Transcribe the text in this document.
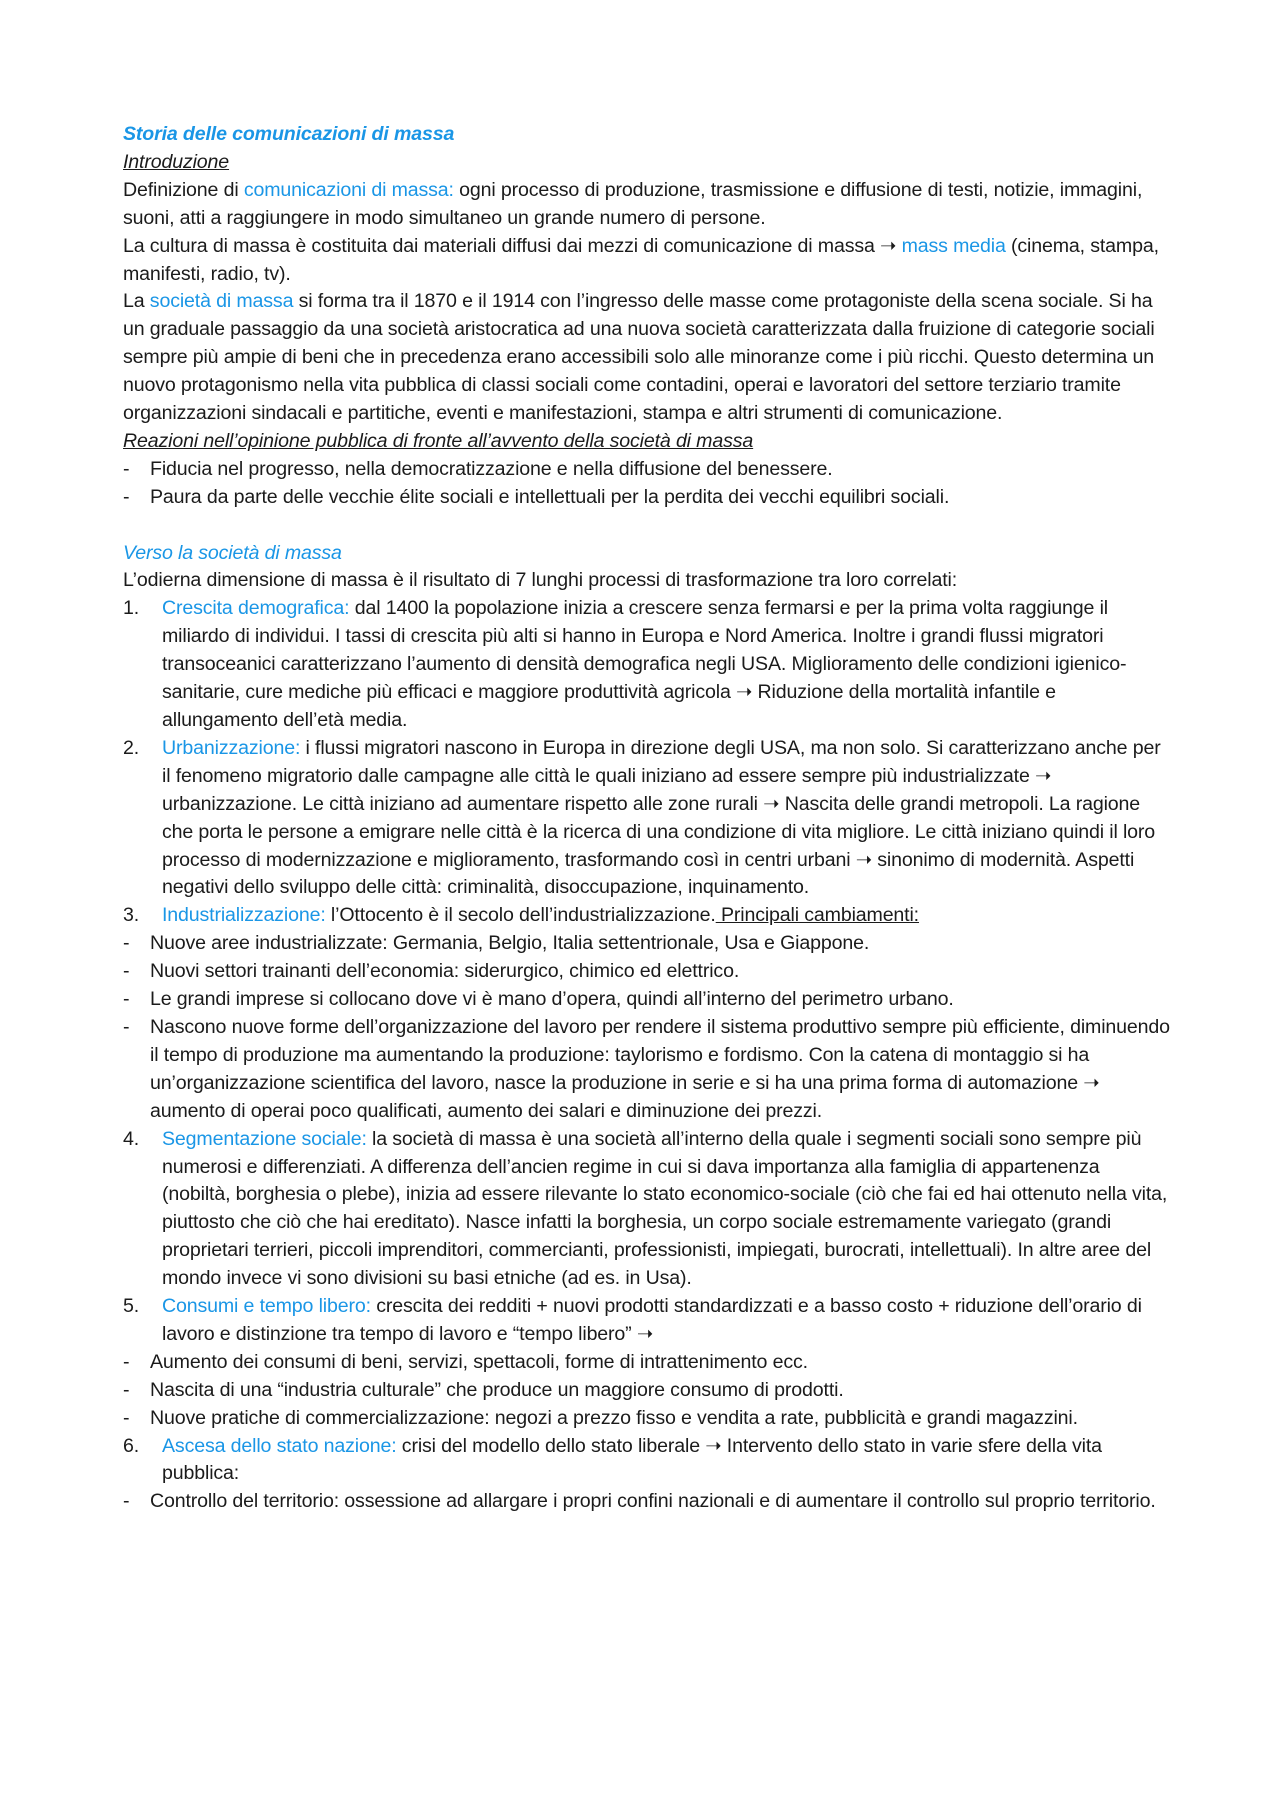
Storia delle comunicazioni di massa

Introduzione

Definizione di comunicazioni di massa: ogni processo di produzione, trasmissione e diffusione di testi, notizie, immagini, suoni, atti a raggiungere in modo simultaneo un grande numero di persone.

La cultura di massa è costituita dai materiali diffusi dai mezzi di comunicazione di massa ➝ mass media (cinema, stampa, manifesti, radio, tv).

La società di massa si forma tra il 1870 e il 1914 con l’ingresso delle masse come protagoniste della scena sociale. Si ha un graduale passaggio da una società aristocratica ad una nuova società caratterizzata dalla fruizione di categorie sociali sempre più ampie di beni che in precedenza erano accessibili solo alle minoranze come i più ricchi. Questo determina un nuovo protagonismo nella vita pubblica di classi sociali come contadini, operai e lavoratori del settore terziario tramite organizzazioni sindacali e partitiche, eventi e manifestazioni, stampa e altri strumenti di comunicazione.

Reazioni nell’opinione pubblica di fronte all’avvento della società di massa

- Fiducia nel progresso, nella democratizzazione e nella diffusione del benessere.
- Paura da parte delle vecchie élite sociali e intellettuali per la perdita dei vecchi equilibri sociali.

Verso la società di massa

L’odierna dimensione di massa è il risultato di 7 lunghi processi di trasformazione tra loro correlati:

1. Crescita demografica: dal 1400 la popolazione inizia a crescere senza fermarsi e per la prima volta raggiunge il miliardo di individui. I tassi di crescita più alti si hanno in Europa e Nord America. Inoltre i grandi flussi migratori transoceanici caratterizzano l’aumento di densità demografica negli USA. Miglioramento delle condizioni igienico-sanitarie, cure mediche più efficaci e maggiore produttività agricola ➝ Riduzione della mortalità infantile e allungamento dell’età media.
2. Urbanizzazione: i flussi migratori nascono in Europa in direzione degli USA, ma non solo. Si caratterizzano anche per il fenomeno migratorio dalle campagne alle città le quali iniziano ad essere sempre più industrializzate ➝ urbanizzazione. Le città iniziano ad aumentare rispetto alle zone rurali ➝ Nascita delle grandi metropoli. La ragione che porta le persone a emigrare nelle città è la ricerca di una condizione di vita migliore. Le città iniziano quindi il loro processo di modernizzazione e miglioramento, trasformando così in centri urbani ➝ sinonimo di modernità. Aspetti negativi dello sviluppo delle città: criminalità, disoccupazione, inquinamento.
3. Industrializzazione: l’Ottocento è il secolo dell’industrializzazione. Principali cambiamenti:
- Nuove aree industrializzate: Germania, Belgio, Italia settentrionale, Usa e Giappone.
- Nuovi settori trainanti dell’economia: siderurgico, chimico ed elettrico.
- Le grandi imprese si collocano dove vi è mano d’opera, quindi all’interno del perimetro urbano.
- Nascono nuove forme dell’organizzazione del lavoro per rendere il sistema produttivo sempre più efficiente, diminuendo il tempo di produzione ma aumentando la produzione: taylorismo e fordismo. Con la catena di montaggio si ha un’organizzazione scientifica del lavoro, nasce la produzione in serie e si ha una prima forma di automazione ➝ aumento di operai poco qualificati, aumento dei salari e diminuzione dei prezzi.
4. Segmentazione sociale: la società di massa è una società all’interno della quale i segmenti sociali sono sempre più numerosi e differenziati. A differenza dell’ancien regime in cui si dava importanza alla famiglia di appartenenza (nobiltà, borghesia o plebe), inizia ad essere rilevante lo stato economico-sociale (ciò che fai ed hai ottenuto nella vita, piuttosto che ciò che hai ereditato). Nasce infatti la borghesia, un corpo sociale estremamente variegato (grandi proprietari terrieri, piccoli imprenditori, commercianti, professionisti, impiegati, burocrati, intellettuali). In altre aree del mondo invece vi sono divisioni su basi etniche (ad es. in Usa).
5. Consumi e tempo libero: crescita dei redditi + nuovi prodotti standardizzati e a basso costo + riduzione dell’orario di lavoro e distinzione tra tempo di lavoro e “tempo libero” ➝
- Aumento dei consumi di beni, servizi, spettacoli, forme di intrattenimento ecc.
- Nascita di una “industria culturale” che produce un maggiore consumo di prodotti.
- Nuove pratiche di commercializzazione: negozi a prezzo fisso e vendita a rate, pubblicità e grandi magazzini.
6. Ascesa dello stato nazione: crisi del modello dello stato liberale ➝ Intervento dello stato in varie sfere della vita pubblica:
- Controllo del territorio: ossessione ad allargare i propri confini nazionali e di aumentare il controllo sul proprio territorio.
